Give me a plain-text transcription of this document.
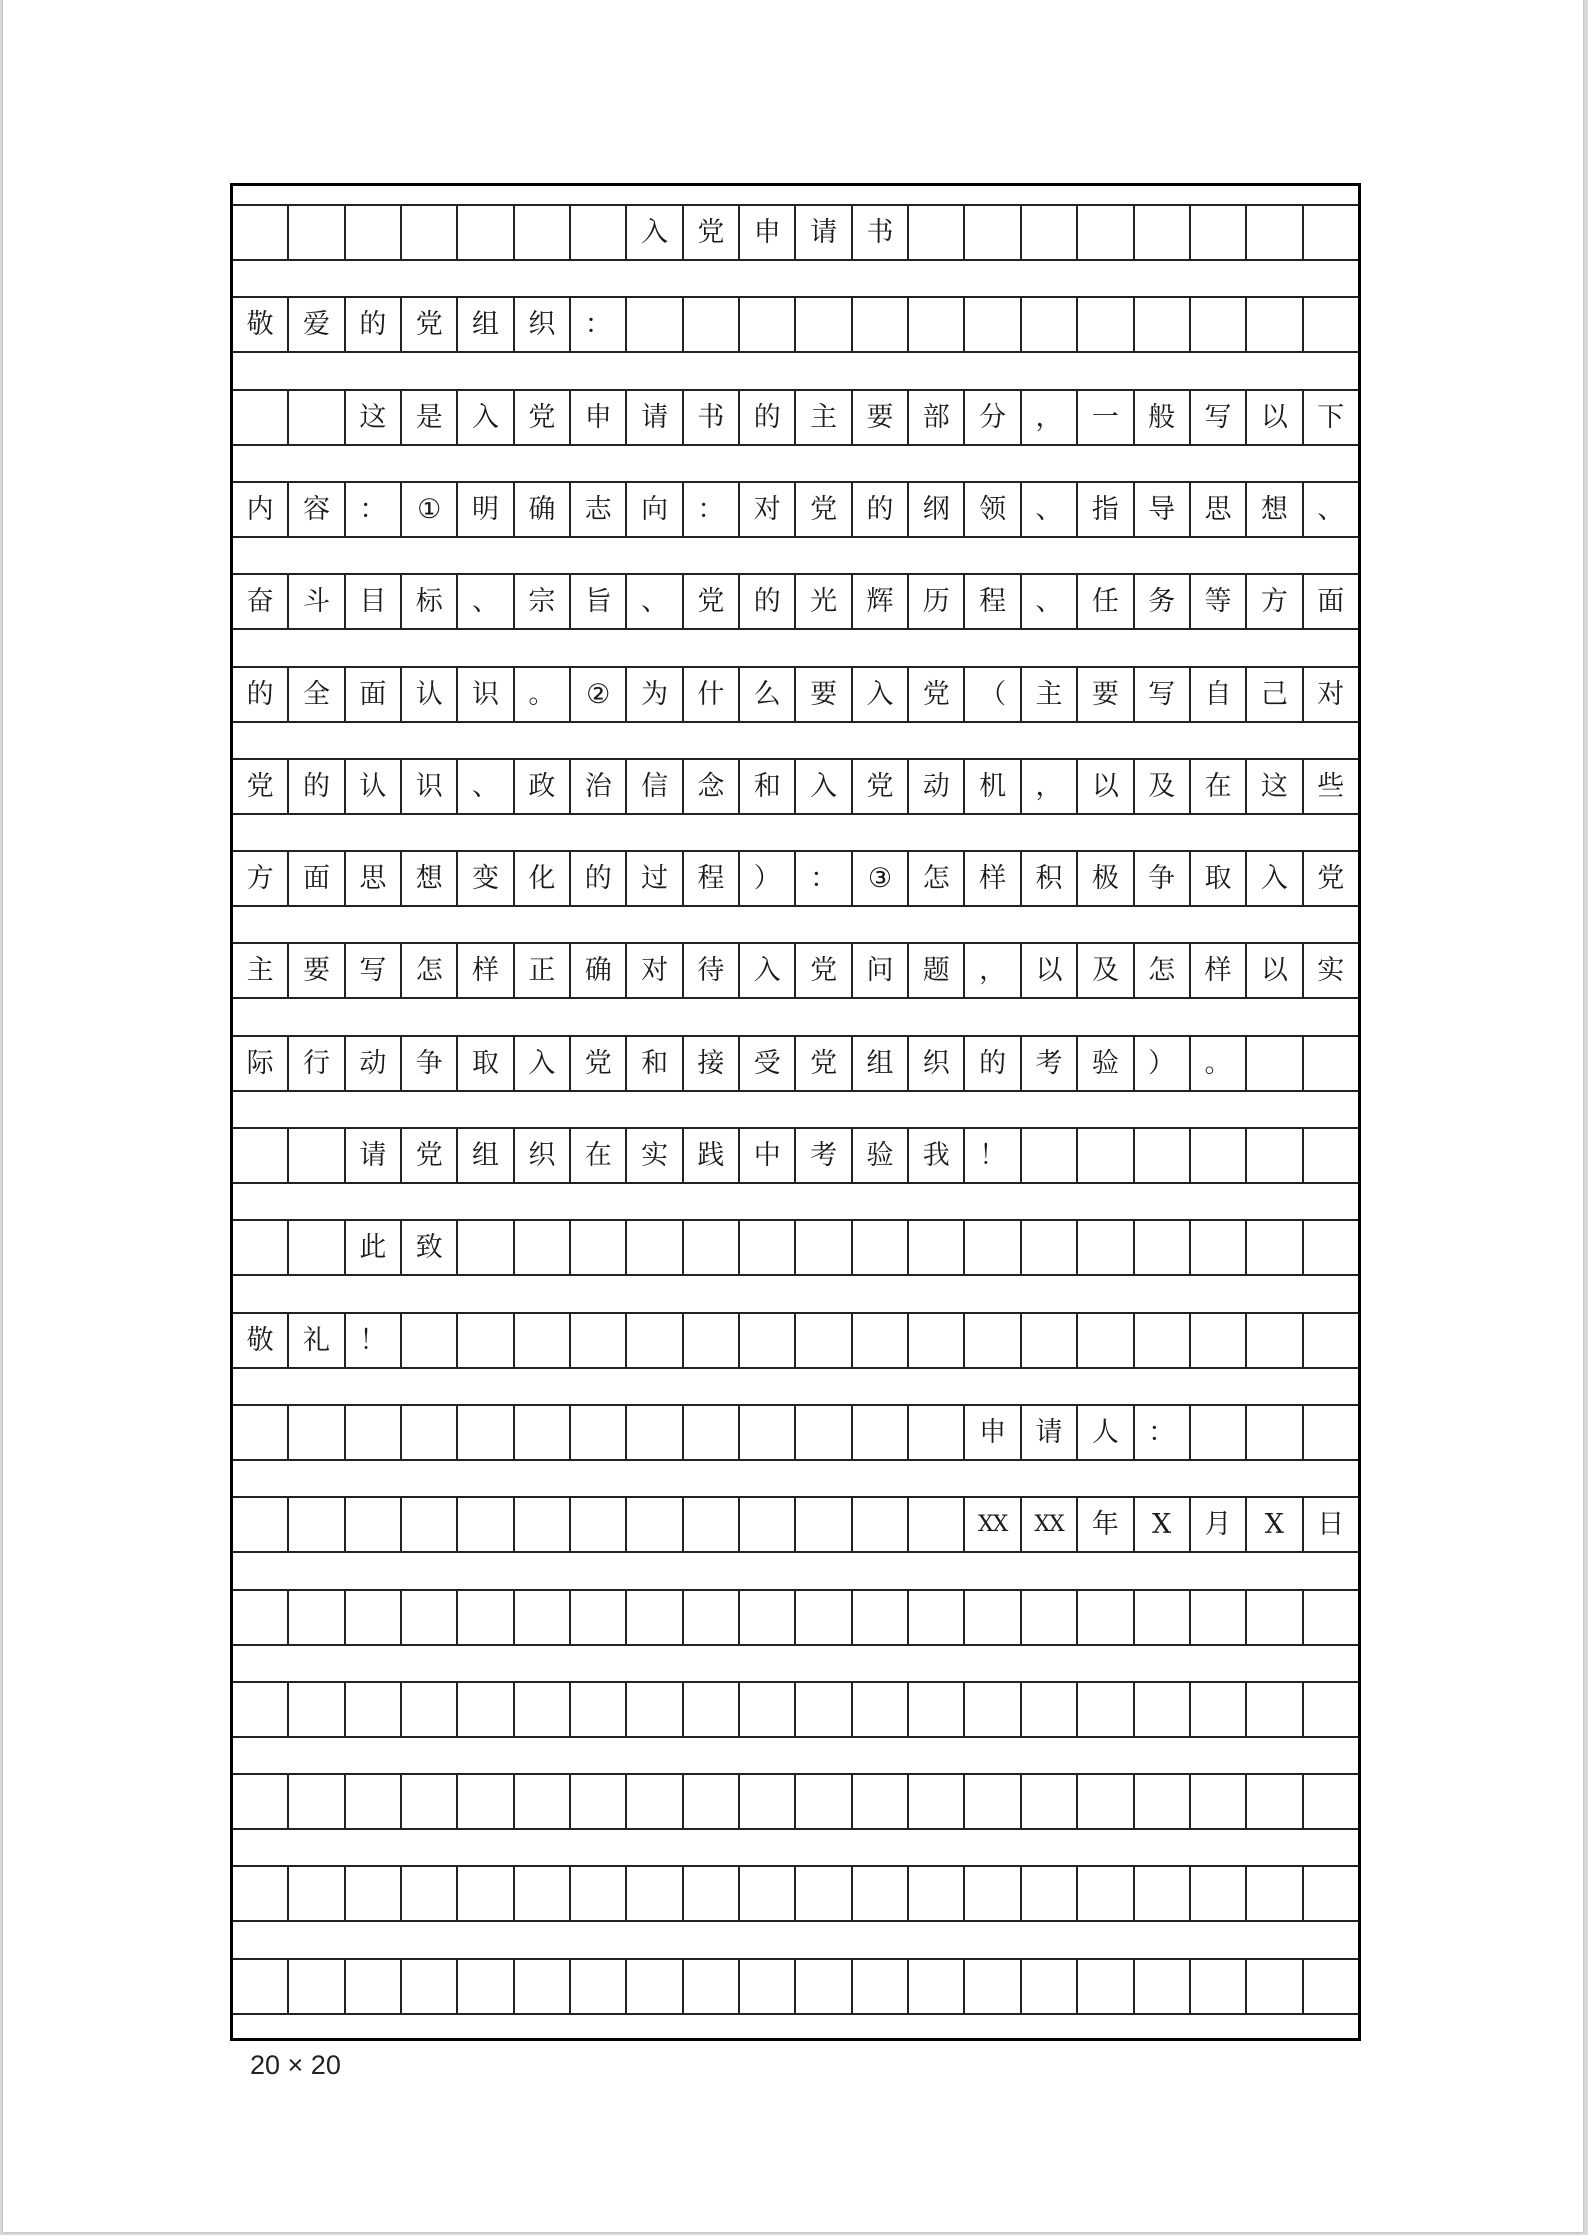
入	党	申	请	书
敬	爱	的	党	组	织	：
这	是	入	党	申	请	书	的	主	要	部	分	，	一	般	写	以	下
内	容	：	①	明	确	志	向	：	对	党	的	纲	领	、	指	导	思	想	、
奋	斗	目	标	、	宗	旨	、	党	的	光	辉	历	程	、	任	务	等	方	面
的	全	面	认	识	。	②	为	什	么	要	入	党	（	主	要	写	自	己	对
党	的	认	识	、	政	治	信	念	和	入	党	动	机	，	以	及	在	这	些
方	面	思	想	变	化	的	过	程	）	：	③	怎	样	积	极	争	取	入	党
主	要	写	怎	样	正	确	对	待	入	党	问	题	，	以	及	怎	样	以	实
际	行	动	争	取	入	党	和	接	受	党	组	织	的	考	验	）	。
请	党	组	织	在	实	践	中	考	验	我	！
此	致
敬	礼	！
申	请	人	：
XX	XX	年	X	月	X	日
20 × 20
